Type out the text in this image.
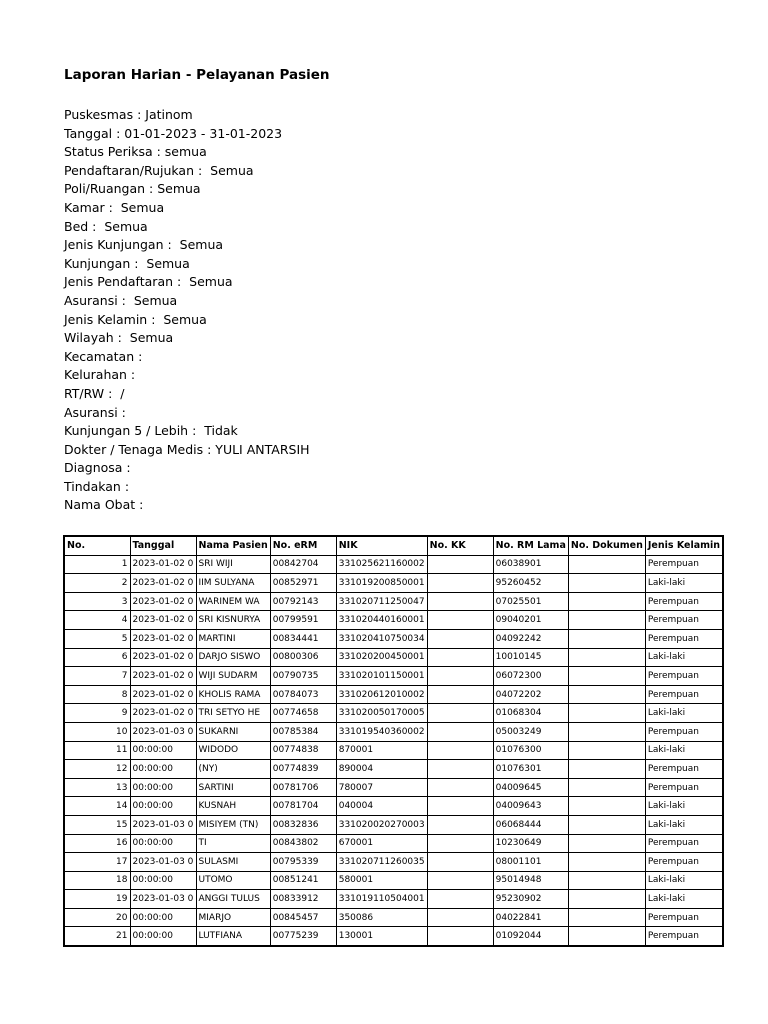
Laporan Harian - Pelayanan Pasien
Puskesmas : Jatinom
Tanggal : 01-01-2023 - 31-01-2023
Status Periksa : semua
Pendaftaran/Rujukan :  Semua
Poli/Ruangan : Semua
Kamar :  Semua
Bed :  Semua
Jenis Kunjungan :  Semua
Kunjungan :  Semua
Jenis Pendaftaran :  Semua
Asuransi :  Semua
Jenis Kelamin :  Semua
Wilayah :  Semua
Kecamatan :
Kelurahan :
RT/RW :  /
Asuransi :
Kunjungan 5 / Lebih :  Tidak
Dokter / Tenaga Medis : YULI ANTARSIH
Diagnosa :
Tindakan :
Nama Obat :
No.	Tanggal	Nama Pasien	No. eRM	NIK	No. KK	No. RM Lama	No. Dokumen	Jenis Kelamin
1	2023-01-02 0	SRI WIJI	00842704	331025621160002		06038901		Perempuan
2	2023-01-02 0	IIM SULYANA	00852971	331019200850001		95260452		Laki-laki
3	2023-01-02 0	WARINEM WA	00792143	331020711250047		07025501		Perempuan
4	2023-01-02 0	SRI KISNURYA	00799591	331020440160001		09040201		Perempuan
5	2023-01-02 0	MARTINI	00834441	331020410750034		04092242		Perempuan
6	2023-01-02 0	DARJO SISWO	00800306	331020200450001		10010145		Laki-laki
7	2023-01-02 0	WIJI SUDARM	00790735	331020101150001		06072300		Perempuan
8	2023-01-02 0	KHOLIS RAMA	00784073	331020612010002		04072202		Perempuan
9	2023-01-02 0	TRI SETYO HE	00774658	331020050170005		01068304		Laki-laki
10	2023-01-03 0	SUKARNI	00785384	331019540360002		05003249		Perempuan
11	00:00:00	WIDODO	00774838	870001		01076300		Laki-laki
12	00:00:00	(NY)	00774839	890004		01076301		Perempuan
13	00:00:00	SARTINI	00781706	780007		04009645		Perempuan
14	00:00:00	KUSNAH	00781704	040004		04009643		Laki-laki
15	2023-01-03 0	MISIYEM (TN)	00832836	331020020270003		06068444		Laki-laki
16	00:00:00	TI	00843802	670001		10230649		Perempuan
17	2023-01-03 0	SULASMI	00795339	331020711260035		08001101		Perempuan
18	00:00:00	UTOMO	00851241	580001		95014948		Laki-laki
19	2023-01-03 0	ANGGI TULUS	00833912	331019110504001		95230902		Laki-laki
20	00:00:00	MIARJO	00845457	350086		04022841		Perempuan
21	00:00:00	LUTFIANA	00775239	130001		01092044		Perempuan
